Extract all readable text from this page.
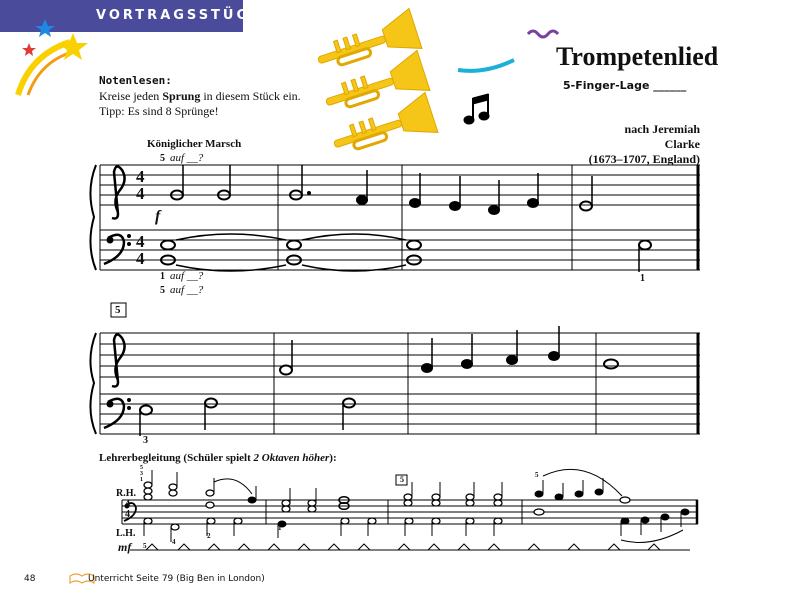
VORTRAGSSTÜCK
Trompetenlied
5-Finger-Lage ______
nach Jeremiah Clarke
(1673–1707, England)
Notenlesen:
Kreise jeden Sprung in diesem Stück ein.
Tipp: Es sind 8 Sprünge!
Königlicher Marsch
5 auf __?
f
4
4
4
4
1 auf __?
5 auf __?
1
5
3
Lehrerbegleitung (Schüler spielt 2 Oktaven höher):
R.H.
L.H.
mf
5
5
3
1
5
5	4
2
1
4
4
48	Unterricht Seite 79 (Big Ben in London)
